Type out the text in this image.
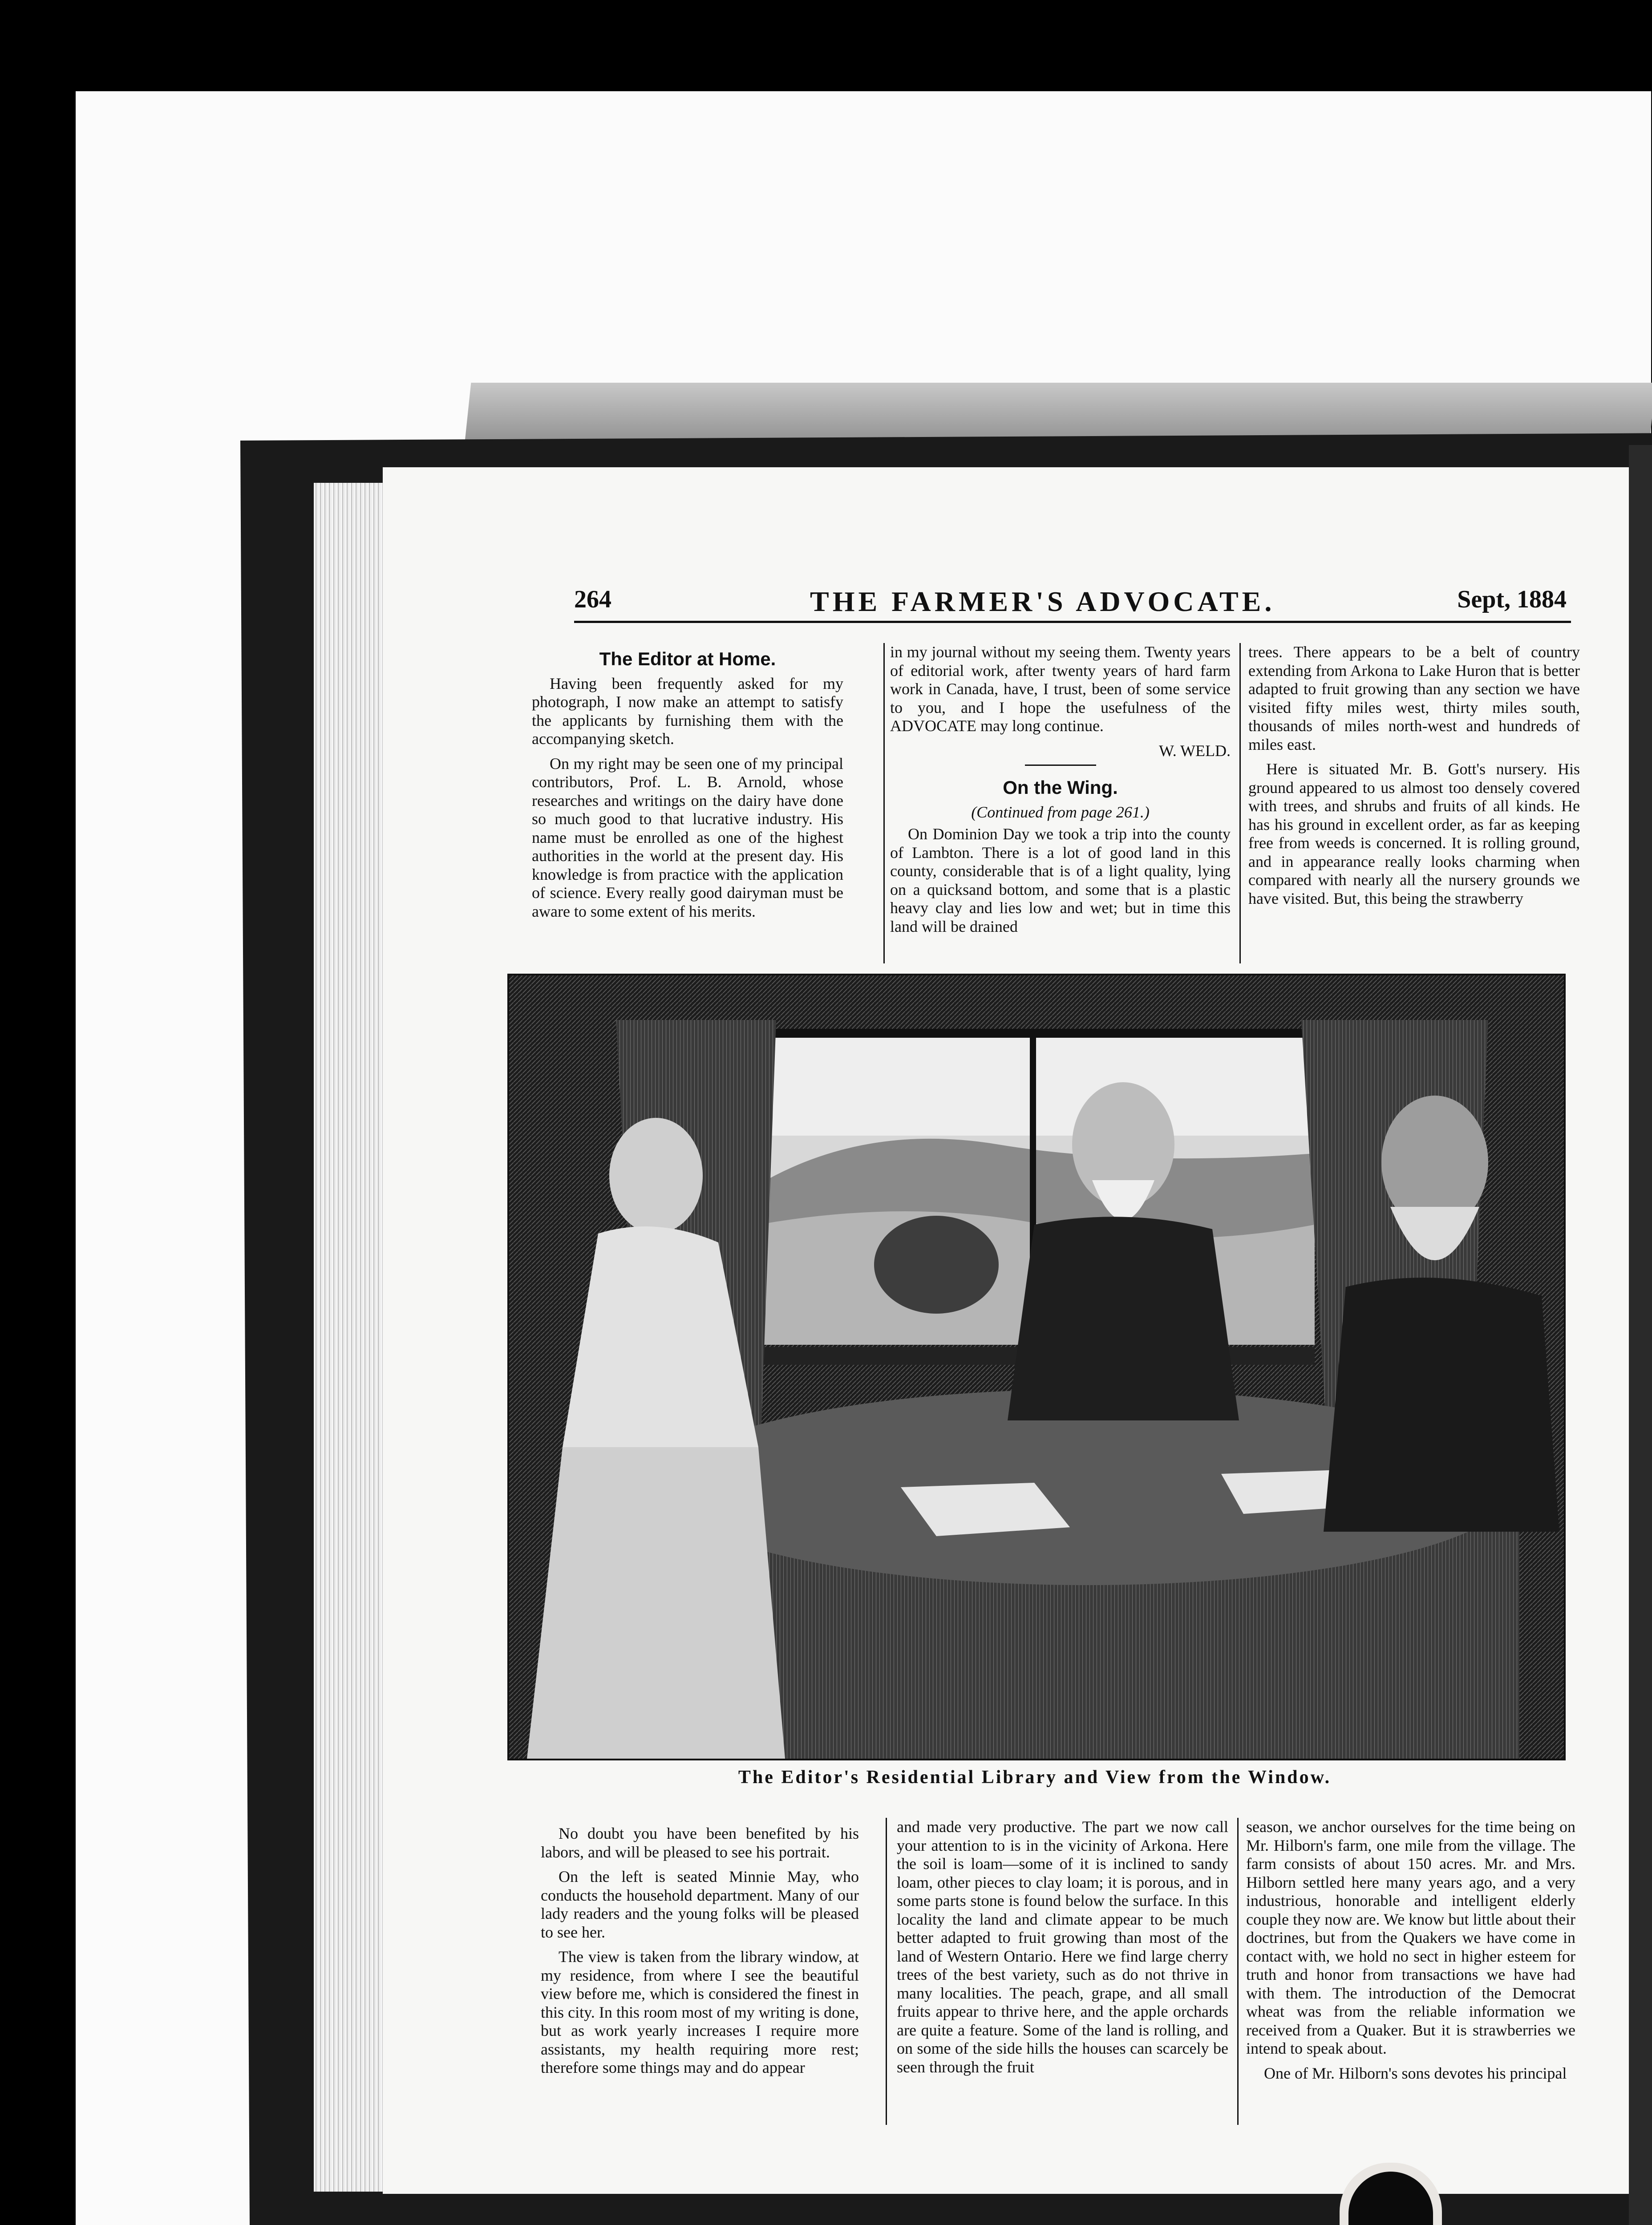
264	THE FARMER'S ADVOCATE.	Sept, 1884
The Editor at Home.

Having been frequently asked for my photograph, I now make an attempt to satisfy the applicants by furnishing them with the accompanying sketch.

On my right may be seen one of my principal contributors, Prof. L. B. Arnold, whose researches and writings on the dairy have done so much good to that lucrative industry. His name must be enrolled as one of the highest authorities in the world at the present day. His knowledge is from practice with the application of science. Every really good dairyman must be aware to some extent of his merits.

in my journal without my seeing them. Twenty years of editorial work, after twenty years of hard farm work in Canada, have, I trust, been of some service to you, and I hope the usefulness of the ADVOCATE may long continue.

W. WELD.

On the Wing.

(Continued from page 261.)

On Dominion Day we took a trip into the county of Lambton. There is a lot of good land in this county, considerable that is of a light quality, lying on a quicksand bottom, and some that is a plastic heavy clay and lies low and wet; but in time this land will be drained

trees. There appears to be a belt of country extending from Arkona to Lake Huron that is better adapted to fruit growing than any section we have visited fifty miles west, thirty miles south, thousands of miles north-west and hundreds of miles east.

Here is situated Mr. B. Gott's nursery. His ground appeared to us almost too densely covered with trees, and shrubs and fruits of all kinds. He has his ground in excellent order, as far as keeping free from weeds is concerned. It is rolling ground, and in appearance really looks charming when compared with nearly all the nursery grounds we have visited. But, this being the strawberry

The Editor's Residential Library and View from the Window.

No doubt you have been benefited by his labors, and will be pleased to see his portrait.

On the left is seated Minnie May, who conducts the household department. Many of our lady readers and the young folks will be pleased to see her.

The view is taken from the library window, at my residence, from where I see the beautiful view before me, which is considered the finest in this city. In this room most of my writing is done, but as work yearly increases I require more assistants, my health requiring more rest; therefore some things may and do appear

and made very productive. The part we now call your attention to is in the vicinity of Arkona. Here the soil is loam—some of it is inclined to sandy loam, other pieces to clay loam; it is porous, and in some parts stone is found below the surface. In this locality the land and climate appear to be much better adapted to fruit growing than most of the land of Western Ontario. Here we find large cherry trees of the best variety, such as do not thrive in many localities. The peach, grape, and all small fruits appear to thrive here, and the apple orchards are quite a feature. Some of the land is rolling, and on some of the side hills the houses can scarcely be seen through the fruit

season, we anchor ourselves for the time being on Mr. Hilborn's farm, one mile from the village. The farm consists of about 150 acres. Mr. and Mrs. Hilborn settled here many years ago, and a very industrious, honorable and intelligent elderly couple they now are. We know but little about their doctrines, but from the Quakers we have come in contact with, we hold no sect in higher esteem for truth and honor from transactions we have had with them. The introduction of the Democrat wheat was from the reliable information we received from a Quaker. But it is strawberries we intend to speak about.

One of Mr. Hilborn's sons devotes his principal
